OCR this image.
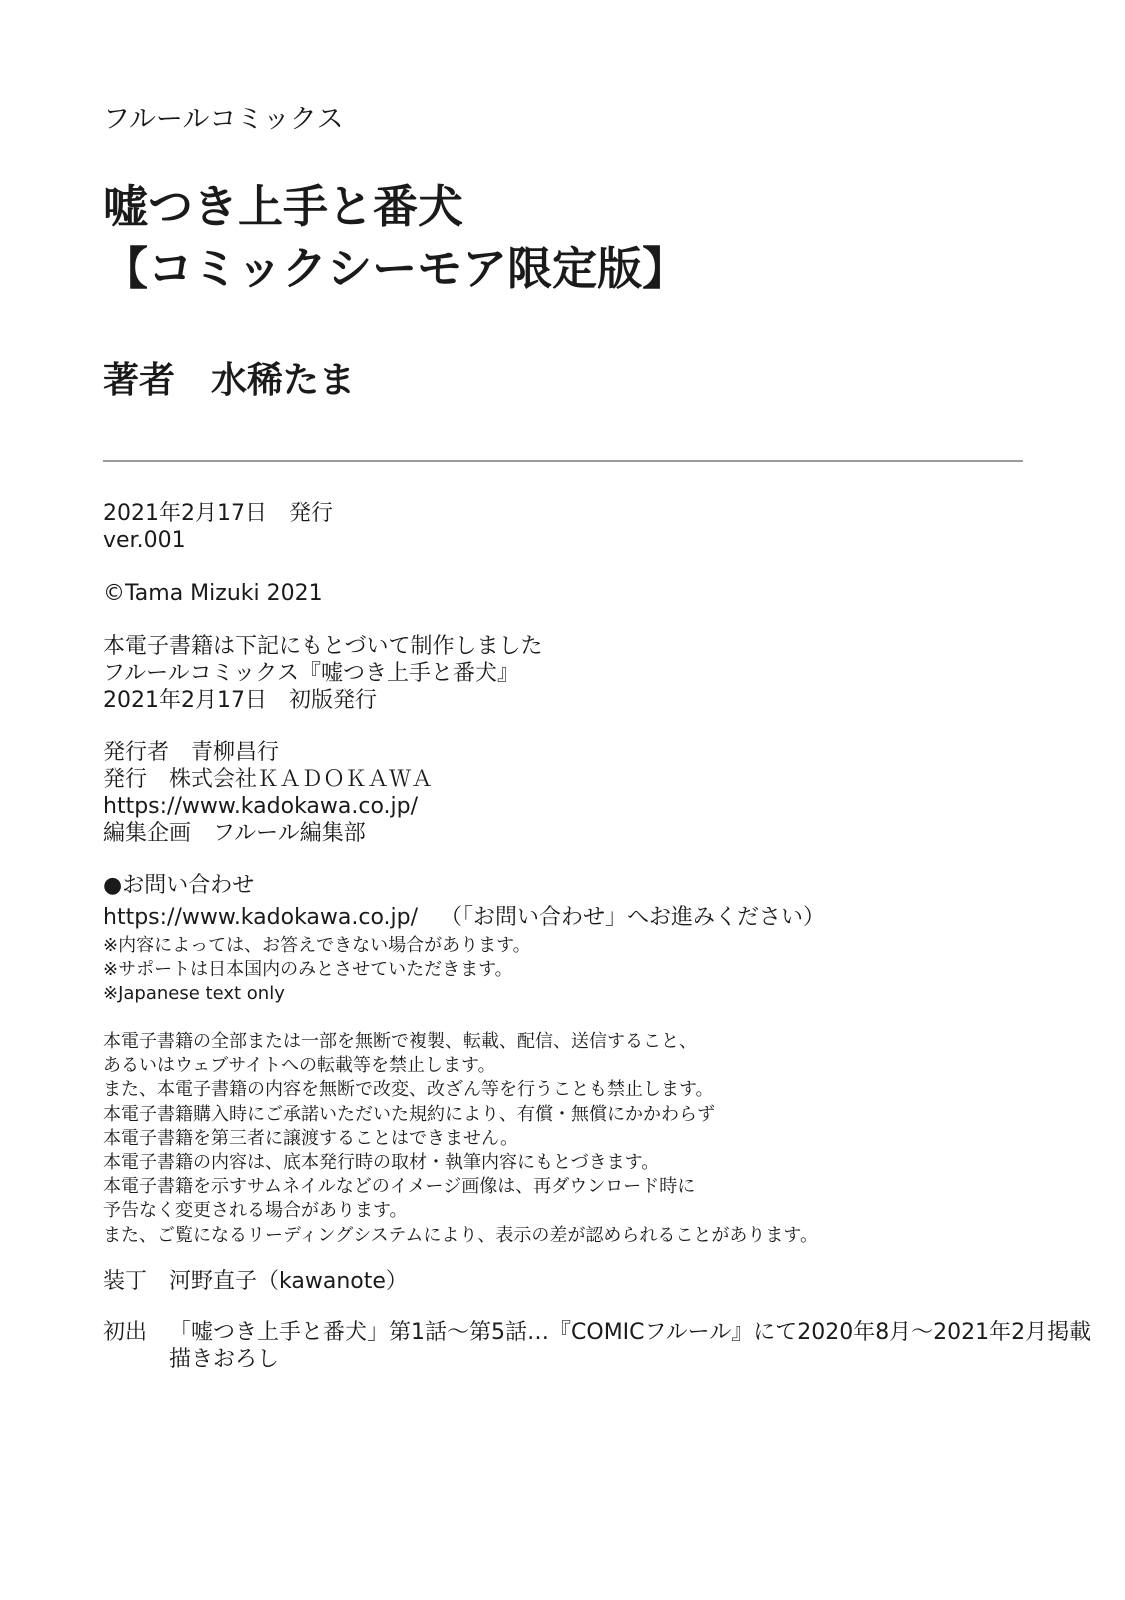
フルールコミックス
嘘つき上手と番犬
【コミックシーモア限定版】
著者 水稀たま
2021年2月17日 発行
ver.001
©Tama Mizuki 2021
本電子書籍は下記にもとづいて制作しました
フルールコミックス『嘘つき上手と番犬』
2021年2月17日 初版発行
発行者 青柳昌行
発行 株式会社ＫＡＤＯＫＡＷＡ
https://www.kadokawa.co.jp/
編集企画 フルール編集部
●お問い合わせ
https://www.kadokawa.co.jp/ （「お問い合わせ」へお進みください）
※内容によっては、お答えできない場合があります。
※サポートは日本国内のみとさせていただきます。
※Japanese text only
本電子書籍の全部または一部を無断で複製、転載、配信、送信すること、
あるいはウェブサイトへの転載等を禁止します。
また、本電子書籍の内容を無断で改変、改ざん等を行うことも禁止します。
本電子書籍購入時にご承諾いただいた規約により、有償・無償にかかわらず
本電子書籍を第三者に譲渡することはできません。
本電子書籍の内容は、底本発行時の取材・執筆内容にもとづきます。
本電子書籍を示すサムネイルなどのイメージ画像は、再ダウンロード時に
予告なく変更される場合があります。
また、ご覧になるリーディングシステムにより、表示の差が認められることがあります。
装丁 河野直子（kawanote）
初出 「嘘つき上手と番犬」第1話〜第5話…『COMICフルール』にて2020年8月〜2021年2月掲載
描きおろし
